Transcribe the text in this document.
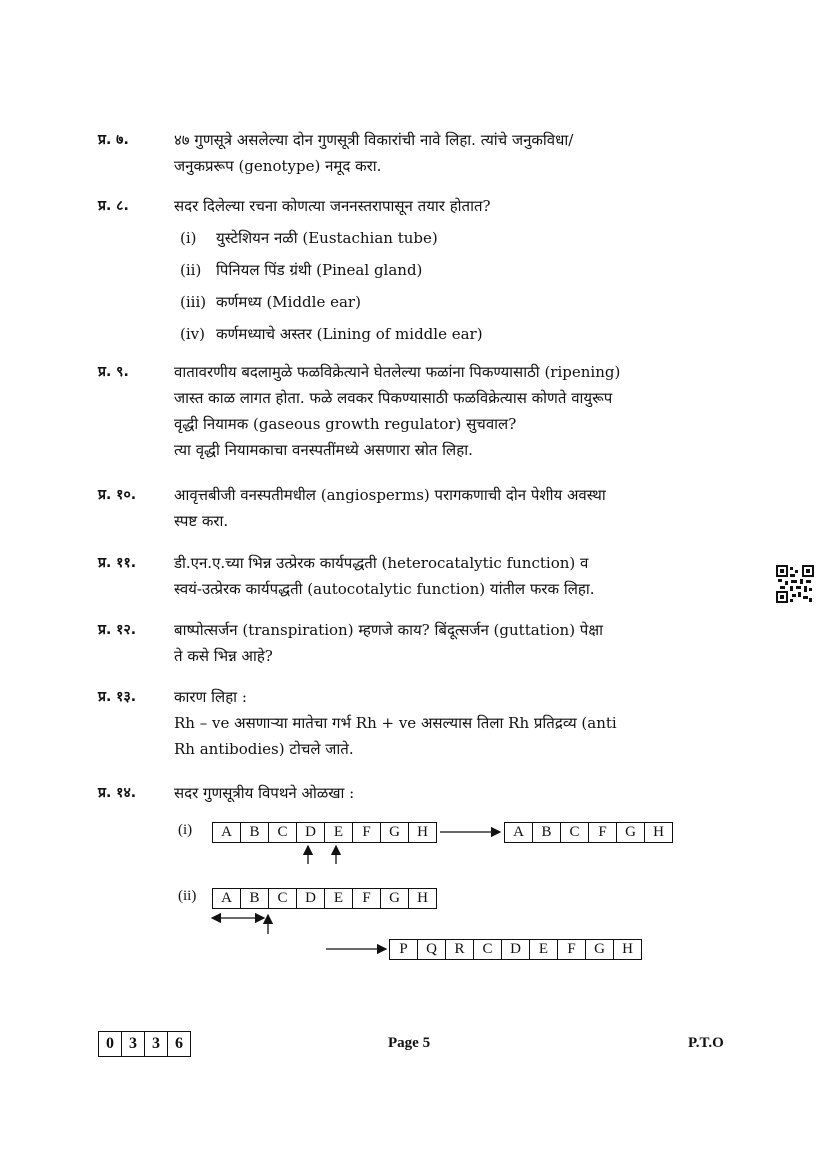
प्र. ७.	४७ गुणसूत्रे असलेल्या दोन गुणसूत्री विकारांची नावे लिहा. त्यांचे जनुकविधा/

जनुकप्ररूप (genotype) नमूद करा.

प्र. ८.	सदर दिलेल्या रचना कोणत्या जननस्तरापासून तयार होतात?

(i) युस्टेशियन नळी (Eustachian tube)
(ii) पिनियल पिंड ग्रंथी (Pineal gland)
(iii) कर्णमध्य (Middle ear)
(iv) कर्णमध्याचे अस्तर (Lining of middle ear)
प्र. ९.	वातावरणीय बदलामुळे फळविक्रेत्याने घेतलेल्या फळांना पिकण्यासाठी (ripening)

जास्त काळ लागत होता. फळे लवकर पिकण्यासाठी फळविक्रेत्यास कोणते वायुरूप

वृद्धी नियामक (gaseous growth regulator) सुचवाल?

त्या वृद्धी नियामकाचा वनस्पतींमध्ये असणारा स्रोत लिहा.

प्र. १०.	आवृत्तबीजी वनस्पतीमधील (angiosperms) परागकणाची दोन पेशीय अवस्था

स्पष्ट करा.

प्र. ११.	डी.एन.ए.च्या भिन्न उत्प्रेरक कार्यपद्धती (heterocatalytic function) व

स्वयं-उत्प्रेरक कार्यपद्धती (autocotalytic function) यांतील फरक लिहा.

प्र. १२.	बाष्पोत्सर्जन (transpiration) म्हणजे काय? बिंदूत्सर्जन (guttation) पेक्षा

ते कसे भिन्न आहे?

प्र. १३.	कारण लिहा :

Rh – ve असणाऱ्या मातेचा गर्भ Rh + ve असल्यास तिला Rh प्रतिद्रव्य (anti

Rh antibodies) टोचले जाते.

प्र. १४.	सदर गुणसूत्रीय विपथने ओळखा :

(i)	A	B	C	D	E	F	G	H	A	B	C	F	G	H
(ii)	A	B	C	D	E	F	G	H
P	Q	R	C	D	E	F	G	H
0 3 3 6	Page 5	P.T.O
